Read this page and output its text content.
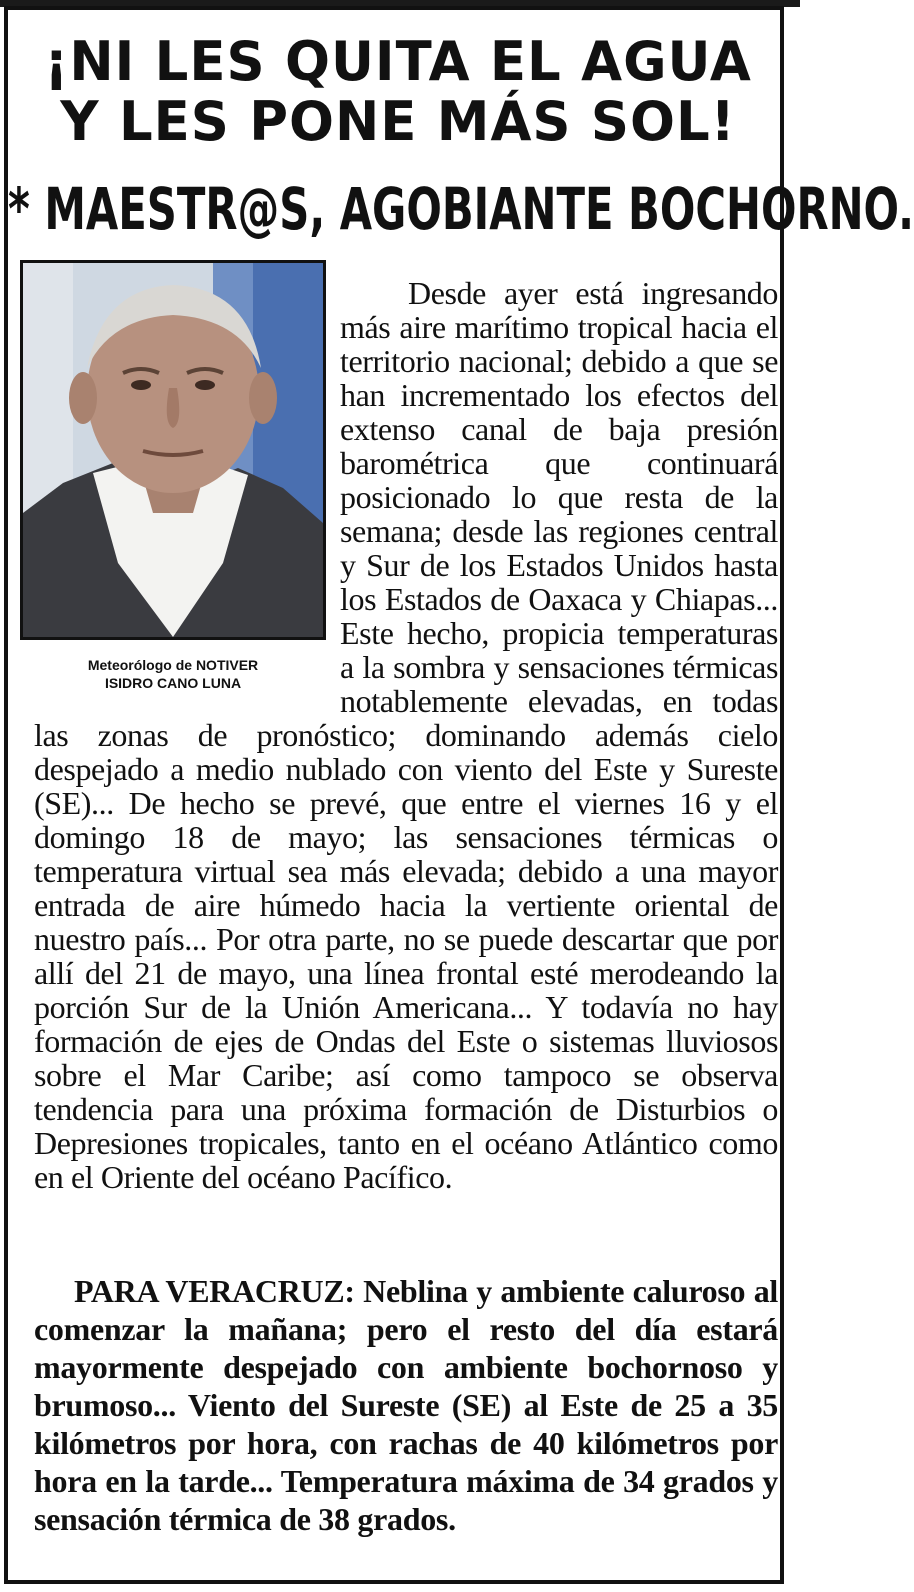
¡NI LES QUITA EL AGUA
Y LES PONE MÁS SOL!
* MAESTR@S, AGOBIANTE BOCHORNO.

Meteorólogo de NOTIVER
ISIDRO CANO LUNA

Desde ayer está ingresando más aire marítimo tropical hacia el territorio nacional; debido a que se han incrementado los efectos del extenso canal de baja presión barométrica que continuará posicionado lo que resta de la semana; desde las regiones central y Sur de los Estados Unidos hasta los Estados de Oaxaca y Chiapas... Este hecho, propicia temperaturas a la sombra y sensaciones térmicas notablemente elevadas, en todas las zonas de pronóstico; dominando además cielo despejado a medio nublado con viento del Este y Sureste (SE)... De hecho se prevé, que entre el viernes 16 y el domingo 18 de mayo; las sensaciones térmicas o temperatura virtual sea más elevada; debido a una mayor entrada de aire húmedo hacia la vertiente oriental de nuestro país... Por otra parte, no se puede descartar que por allí del 21 de mayo, una línea frontal esté merodeando la porción Sur de la Unión Americana... Y todavía no hay formación de ejes de Ondas del Este o sistemas lluviosos sobre el Mar Caribe; así como tampoco se observa tendencia para una próxima formación de Disturbios o Depresiones tropicales, tanto en el océano Atlántico como en el Oriente del océano Pacífico.

PARA VERACRUZ: Neblina y ambiente caluroso al comenzar la mañana; pero el resto del día estará mayormente despejado con ambiente bochornoso y brumoso... Viento del Sureste (SE) al Este de 25 a 35 kilómetros por hora, con rachas de 40 kilómetros por hora en la tarde... Temperatura máxima de 34 grados y sensación térmica de 38 grados.
